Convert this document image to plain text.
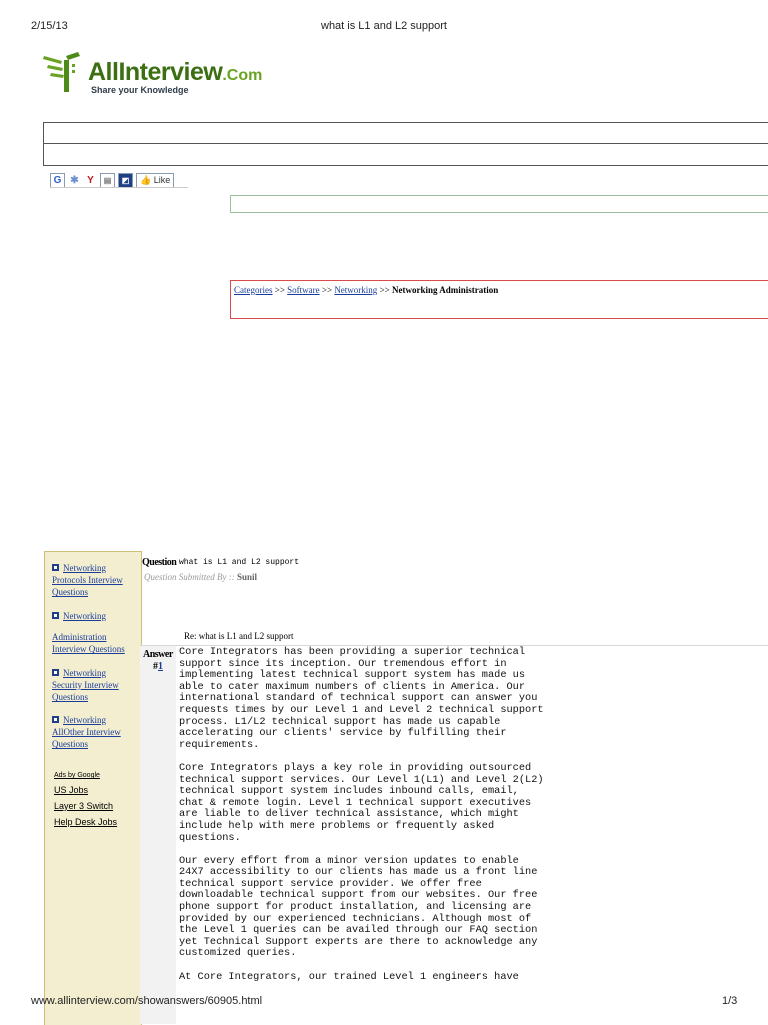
2/15/13	what is L1 and L2 support
AllInterview.Com
Share your Knowledge
G ✱ Y	▤	◩	👍 Like
Categories >> Software >> Networking >> Networking Administration
Networking Protocols Interview Questions
Networking
Administration Interview Questions
Networking Security Interview Questions
Networking AllOther Interview Questions
Ads by Google
US Jobs
Layer 3 Switch
Help Desk Jobs
Question what is L1 and L2 support
Question Submitted By :: Sunil
Re: what is L1 and L2 support
Answer
#1
Core Integrators has been providing a superior technical
support since its inception. Our tremendous effort in
implementing latest technical support system has made us
able to cater maximum numbers of clients in America. Our
international standard of technical support can answer you
requests times by our Level 1 and Level 2 technical support
process. L1/L2 technical support has made us capable
accelerating our clients' service by fulfilling their
requirements.

Core Integrators plays a key role in providing outsourced
technical support services. Our Level 1(L1) and Level 2(L2)
technical support system includes inbound calls, email,
chat & remote login. Level 1 technical support executives
are liable to deliver technical assistance, which might
include help with mere problems or frequently asked
questions.

Our every effort from a minor version updates to enable
24X7 accessibility to our clients has made us a front line
technical support service provider. We offer free
downloadable technical support from our websites. Our free
phone support for product installation, and licensing are
provided by our experienced technicians. Although most of
the Level 1 queries can be availed through our FAQ section
yet Technical Support experts are there to acknowledge any
customized queries.

At Core Integrators, our trained Level 1 engineers have
www.allinterview.com/showanswers/60905.html	1/3
